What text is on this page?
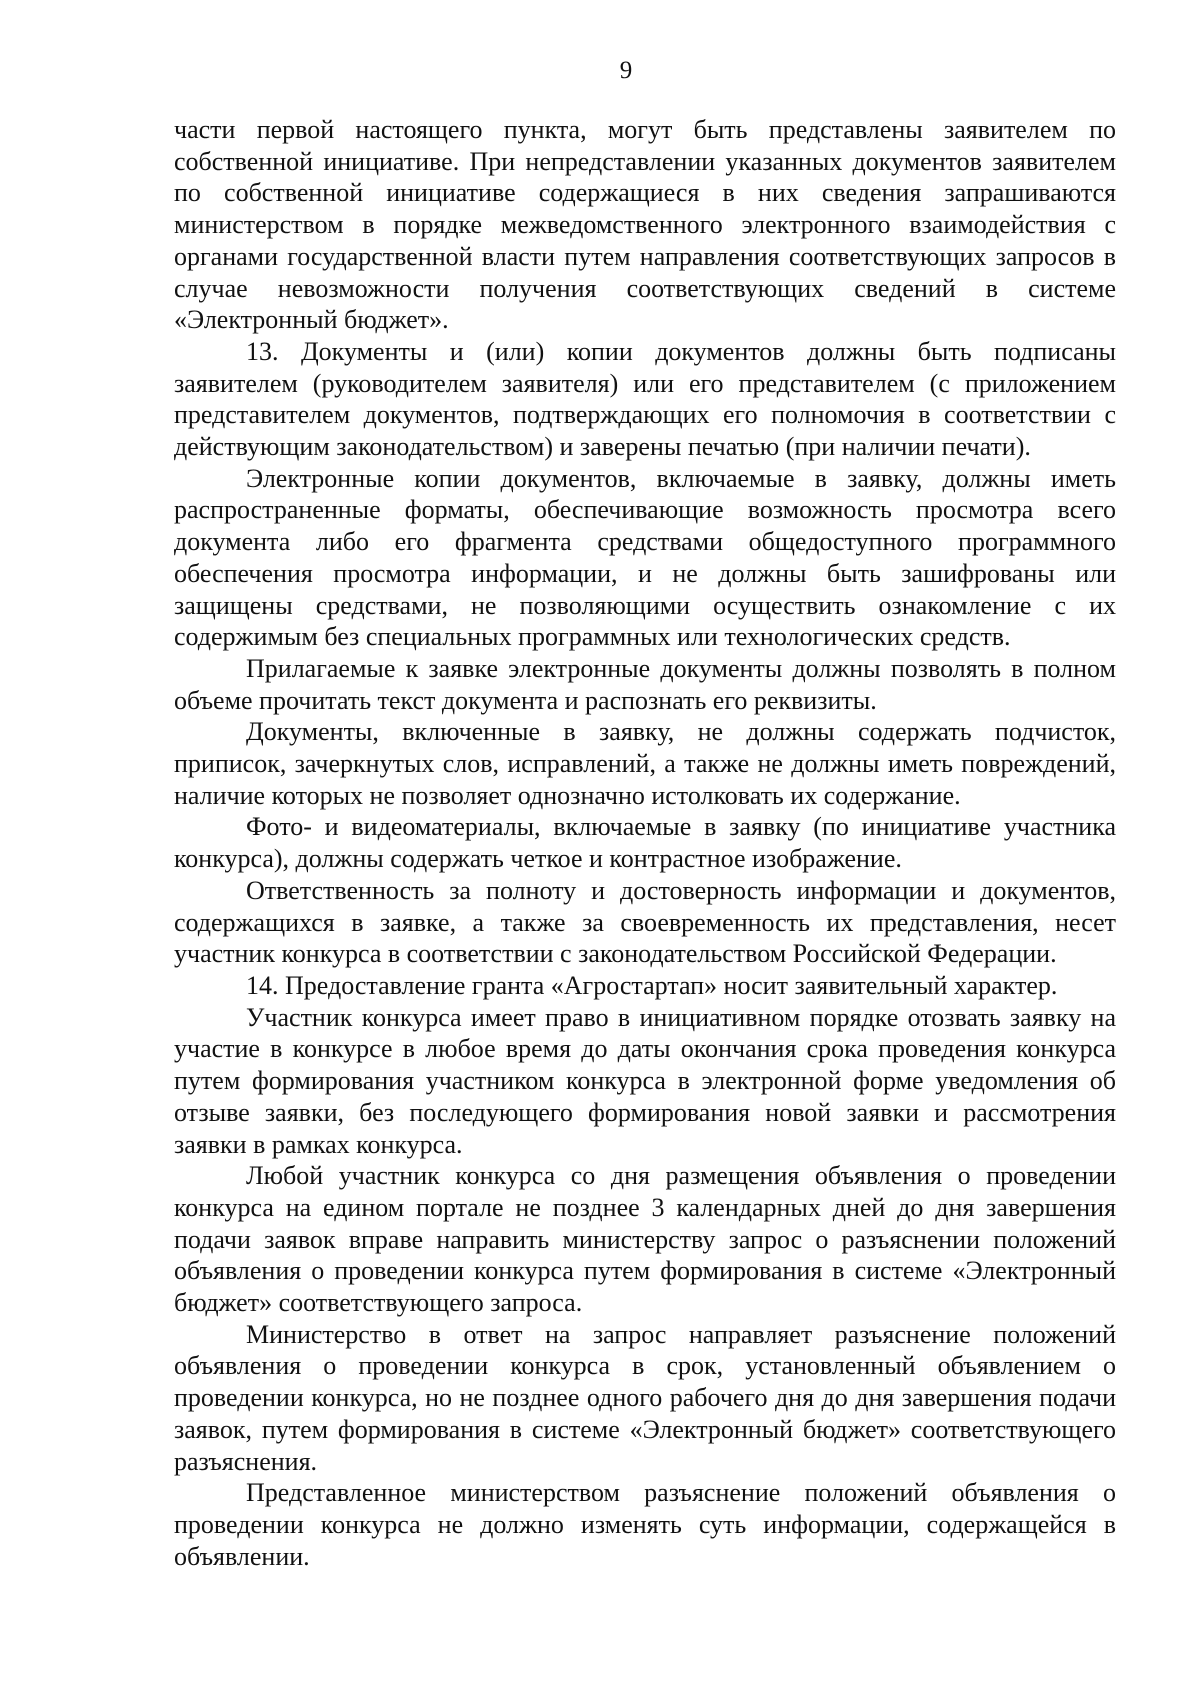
9

части первой настоящего пункта, могут быть представлены заявителем по собственной инициативе. При непредставлении указанных документов заявителем по собственной инициативе содержащиеся в них сведения запрашиваются министерством в порядке межведомственного электронного взаимодействия с органами государственной власти путем направления соответствующих запросов в случае невозможности получения соответствующих сведений в системе «Электронный бюджет».

13. Документы и (или) копии документов должны быть подписаны заявителем (руководителем заявителя) или его представителем (с приложением представителем документов, подтверждающих его полномочия в соответствии с действующим законодательством) и заверены печатью (при наличии печати).

Электронные копии документов, включаемые в заявку, должны иметь распространенные форматы, обеспечивающие возможность просмотра всего документа либо его фрагмента средствами общедоступного программного обеспечения просмотра информации, и не должны быть зашифрованы или защищены средствами, не позволяющими осуществить ознакомление с их содержимым без специальных программных или технологических средств.

Прилагаемые к заявке электронные документы должны позволять в полном объеме прочитать текст документа и распознать его реквизиты.

Документы, включенные в заявку, не должны содержать подчисток, приписок, зачеркнутых слов, исправлений, а также не должны иметь повреждений, наличие которых не позволяет однозначно истолковать их содержание.

Фото- и видеоматериалы, включаемые в заявку (по инициативе участника конкурса), должны содержать четкое и контрастное изображение.

Ответственность за полноту и достоверность информации и документов, содержащихся в заявке, а также за своевременность их представления, несет участник конкурса в соответствии с законодательством Российской Федерации.

14. Предоставление гранта «Агростартап» носит заявительный характер.

Участник конкурса имеет право в инициативном порядке отозвать заявку на участие в конкурсе в любое время до даты окончания срока проведения конкурса путем формирования участником конкурса в электронной форме уведомления об отзыве заявки, без последующего формирования новой заявки и рассмотрения заявки в рамках конкурса.

Любой участник конкурса со дня размещения объявления о проведении конкурса на едином портале не позднее 3 календарных дней до дня завершения подачи заявок вправе направить министерству запрос о разъяснении положений объявления о проведении конкурса путем формирования в системе «Электронный бюджет» соответствующего запроса.

Министерство в ответ на запрос направляет разъяснение положений объявления о проведении конкурса в срок, установленный объявлением о проведении конкурса, но не позднее одного рабочего дня до дня завершения подачи заявок, путем формирования в системе «Электронный бюджет» соответствующего разъяснения.

Представленное министерством разъяснение положений объявления о проведении конкурса не должно изменять суть информации, содержащейся в объявлении.
